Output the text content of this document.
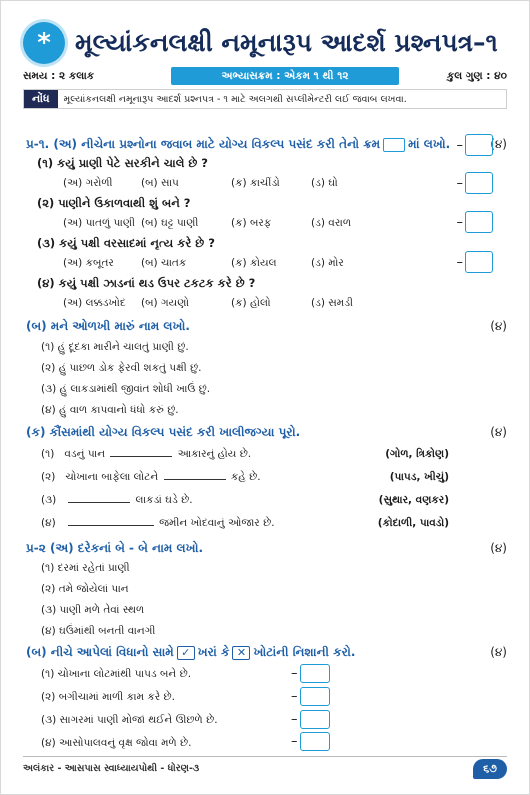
* મૂલ્યાંકનલક્ષી નમૂનારૂપ આદર્શ પ્રશ્નપત્ર–૧
સમય : ૨ કલાક	અભ્યાસક્રમ : એકમ ૧ થી ૧૨	કુલ ગુણ : ૪૦
નોંધ	મૂલ્યાંકનલક્ષી નમૂનારૂપ આદર્શ પ્રશ્નપત્ર - ૧ માટે અલગથી સપ્લીમેન્ટરી લઈ જવાબ લખવા.
પ્ર-૧. (અ) નીચેના પ્રશ્નોના જવાબ માટે યોગ્ય વિકલ્પ પસંદ કરી તેનો ક્રમ માં લખો.	(૪)
(૧) કયું પ્રાણી પેટે સરકીને ચાલે છે ?
(અ) ગરોળી	(બ) સાપ	(ક) કાચીંડો	(ડ) ઘો
–
(૨) પાણીને ઉકાળવાથી શું બને ?
(અ) પાતળું પાણી (બ) ઘટ્ટ પાણી	(ક) બરફ	(ડ) વરાળ
–
(૩) કયું પક્ષી વરસાદમાં નૃત્ય કરે છે ?
(અ) કબૂતર	(બ) ચાતક	(ક) કોયલ	(ડ) મોર
–
(૪) કયું પક્ષી ઝાડનાં થડ ઉપર ટકટક કરે છે ?
(અ) લક્કડખોદ	(બ) ગયણો	(ક) હોલો	(ડ) સમડી
–
(બ) મને ઓળખી મારું નામ લખો.	(૪)
(૧) હું દૂદકા મારીને ચાલતું પ્રાણી છું.
(૨) હું પાછળ ડોક ફેરવી શકતું પક્ષી છું.
(૩) હું લાકડામાંથી જીવાંત શોધી ખાઉં છું.
(૪) હું વાળ કાપવાનો ધંધો કરું છું.
(ક) કૌંસમાંથી યોગ્ય વિકલ્પ પસંદ કરી ખાલીજગ્યા પૂરો.	(૪)
(૧) વડનું પાન	આકારનું હોય છે.	(ગોળ, ત્રિકોણ)
(૨) ચોખાના બાફેલા લોટને	કહે છે.	(પાપડ, ખીચું)
(૩)	લાકડાં ઘડે છે.	(સુથાર, વણકર)
(૪)	જમીન ખોદવાનું ઓજાર છે.	(કોદાળી, પાવડો)
પ્ર-૨ (અ) દરેકનાં બે - બે નામ લખો.	(૪)
(૧) દરમાં રહેતાં પ્રાણી
(૨) તમે જોયેલાં પાન
(૩) પાણી મળે તેવાં સ્થળ
(૪) ઘઉંમાંથી બનતી વાનગી
(બ) નીચે આપેલાં વિધાનો સામે ✓ ખરાં કે ✕ ખોટાંની નિશાની કરો.	(૪)
(૧) ચોખાના લોટમાંથી પાપડ બને છે.	–
(૨) બગીચામાં માળી કામ કરે છે.	–
(૩) સાગરમાં પાણી મોજાં થઈને ઊછળે છે.	–
(૪) આસોપાલવનું વૃક્ષ જોવા મળે છે.	–
અલંકાર - આસપાસ સ્વાધ્યાયપોથી - ધોરણ-૩	૬૭
